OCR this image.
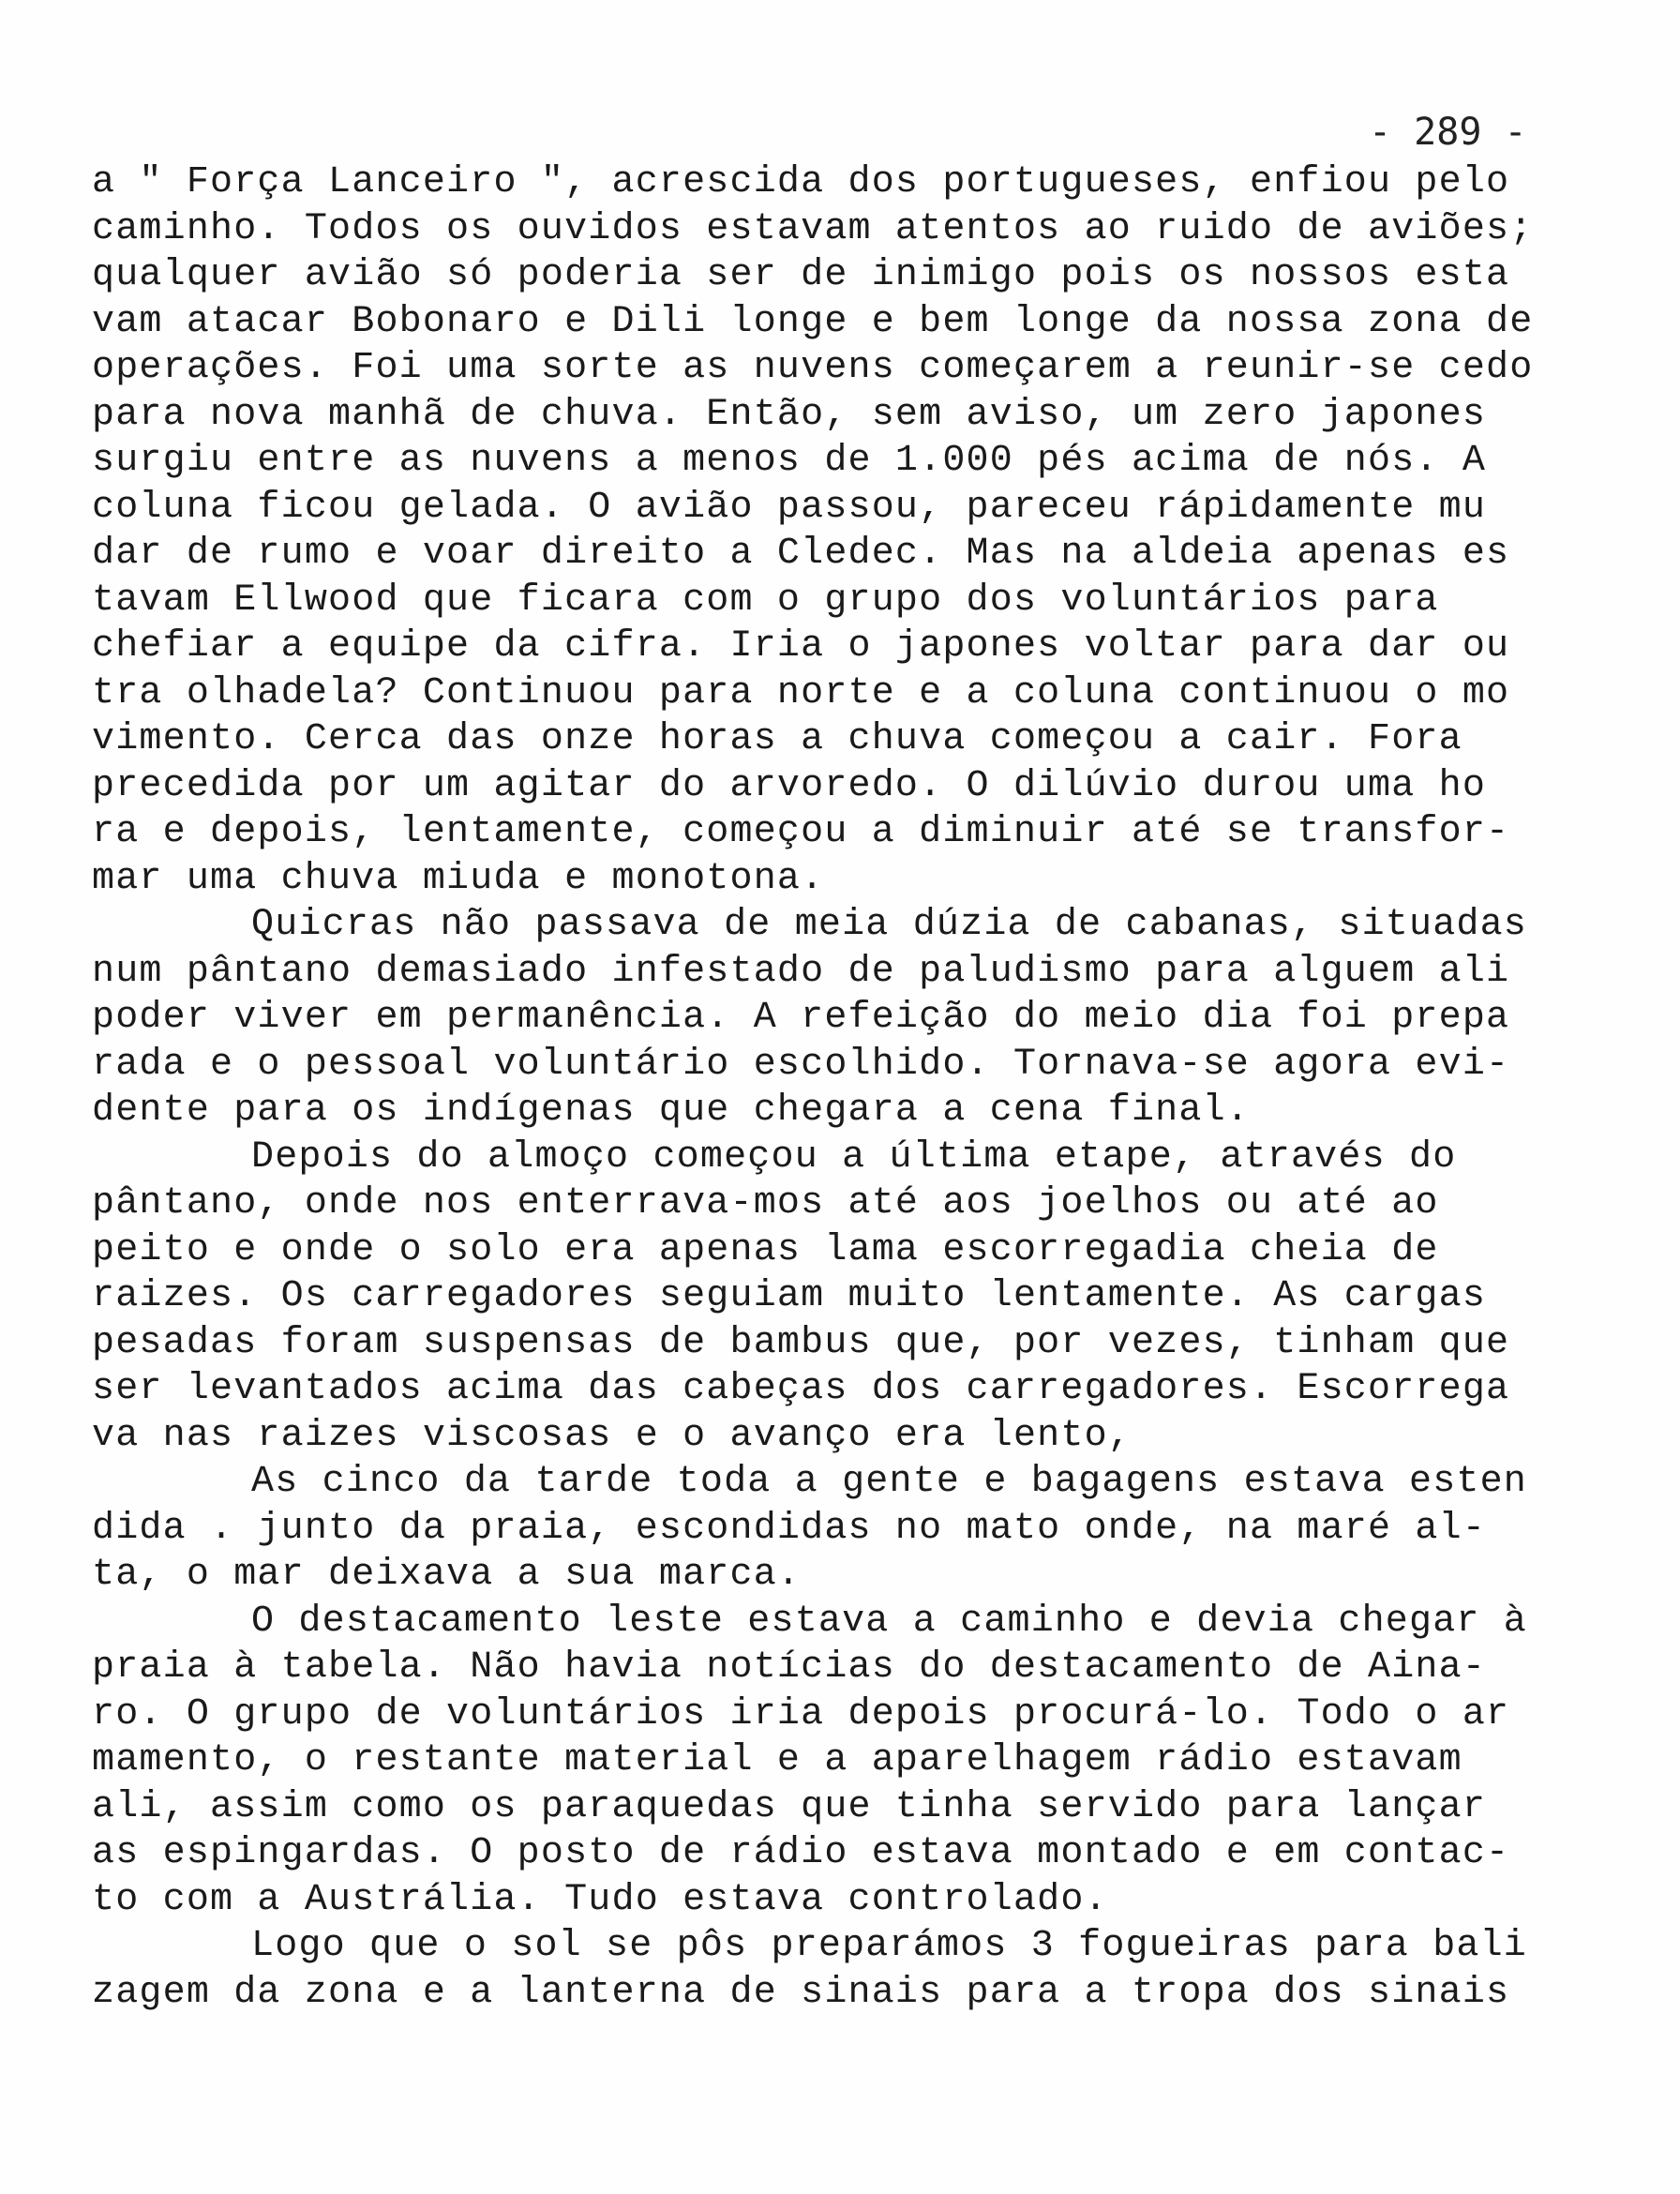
- 289 -
a " Força Lanceiro ", acrescida dos portugueses, enfiou pelo
caminho. Todos os ouvidos estavam atentos ao ruido de aviões;
qualquer avião só poderia ser de inimigo pois os nossos esta
vam atacar Bobonaro e Dili longe e bem longe da nossa zona de
operações. Foi uma sorte as nuvens começarem a reunir-se cedo
para nova manhã de chuva. Então, sem aviso, um zero japones
surgiu entre as nuvens a menos de 1.000 pés acima de nós. A
coluna ficou gelada. O avião passou, pareceu rápidamente mu
dar de rumo e voar direito a Cledec. Mas na aldeia apenas es
tavam Ellwood que ficara com o grupo dos voluntários para
chefiar a equipe da cifra. Iria o japones voltar para dar ou
tra olhadela? Continuou para norte e a coluna continuou o mo
vimento. Cerca das onze horas a chuva começou a cair. Fora
precedida por um agitar do arvoredo. O dilúvio durou uma ho
ra e depois, lentamente, começou a diminuir até se transfor-
mar uma chuva miuda e monotona.
Quicras não passava de meia dúzia de cabanas, situadas
num pântano demasiado infestado de paludismo para alguem ali
poder viver em permanência. A refeição do meio dia foi prepa
rada e o pessoal voluntário escolhido. Tornava-se agora evi-
dente para os indígenas que chegara a cena final.
Depois do almoço começou a última etape, através do
pântano, onde nos enterrava-mos até aos joelhos ou até ao
peito e onde o solo era apenas lama escorregadia cheia de
raizes. Os carregadores seguiam muito lentamente. As cargas
pesadas foram suspensas de bambus que, por vezes, tinham que
ser levantados acima das cabeças dos carregadores. Escorrega
va nas raizes viscosas e o avanço era lento,
As cinco da tarde toda a gente e bagagens estava esten
dida . junto da praia, escondidas no mato onde, na maré al-
ta, o mar deixava a sua marca.
O destacamento leste estava a caminho e devia chegar à
praia à tabela. Não havia notícias do destacamento de Aina-
ro. O grupo de voluntários iria depois procurá-lo. Todo o ar
mamento, o restante material e a aparelhagem rádio estavam
ali, assim como os paraquedas que tinha servido para lançar
as espingardas. O posto de rádio estava montado e em contac-
to com a Austrália. Tudo estava controlado.
Logo que o sol se pôs preparámos 3 fogueiras para bali
zagem da zona e a lanterna de sinais para a tropa dos sinais
